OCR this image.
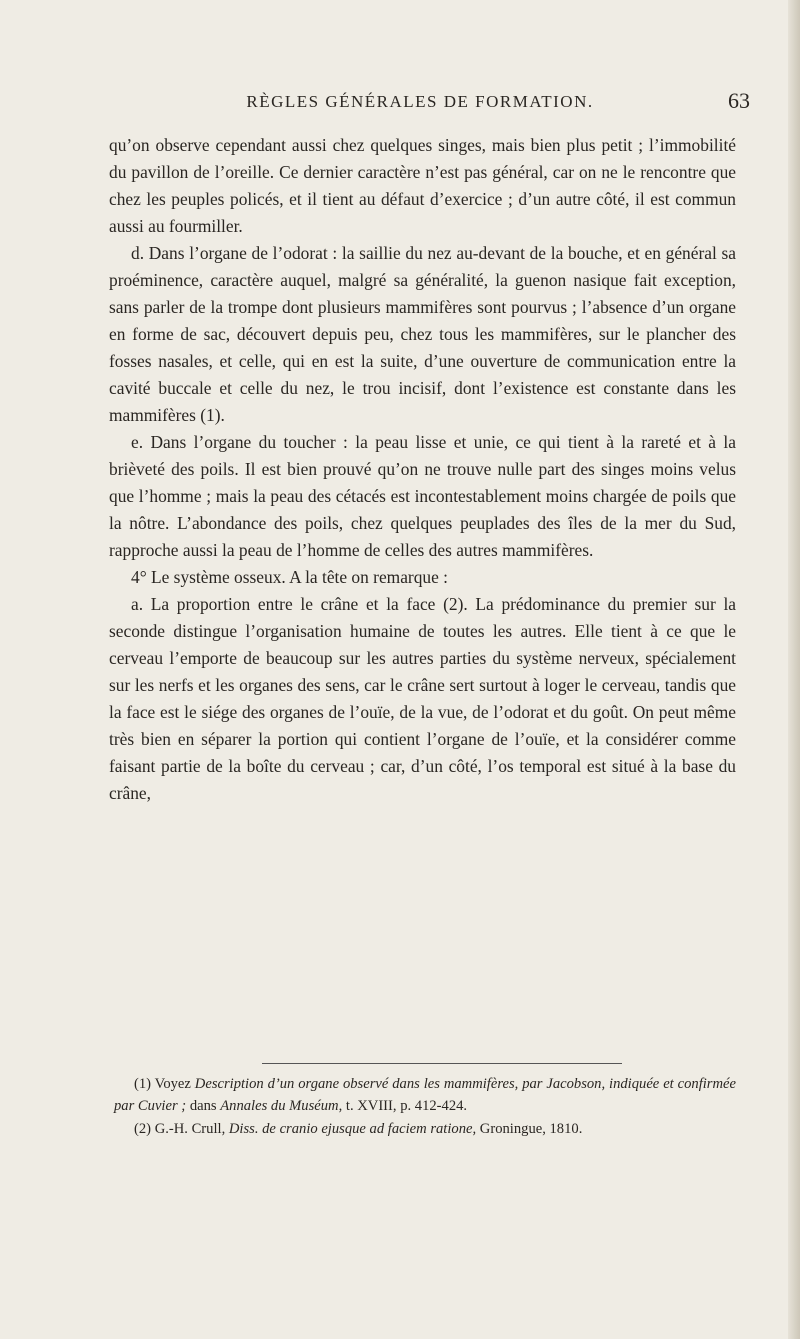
RÈGLES GÉNÉRALES DE FORMATION.	63

qu’on observe cependant aussi chez quelques singes, mais bien plus petit ; l’immobilité du pavillon de l’oreille. Ce dernier caractère n’est pas général, car on ne le rencontre que chez les peuples policés, et il tient au défaut d’exercice ; d’un autre côté, il est commun aussi au fourmiller.

d. Dans l’organe de l’odorat : la saillie du nez au-devant de la bouche, et en général sa proéminence, caractère auquel, malgré sa généralité, la guenon nasique fait exception, sans parler de la trompe dont plusieurs mammifères sont pourvus ; l’absence d’un organe en forme de sac, découvert depuis peu, chez tous les mammifères, sur le plancher des fosses nasales, et celle, qui en est la suite, d’une ouverture de communication entre la cavité buccale et celle du nez, le trou incisif, dont l’existence est constante dans les mammifères (1).

e. Dans l’organe du toucher : la peau lisse et unie, ce qui tient à la rareté et à la brièveté des poils. Il est bien prouvé qu’on ne trouve nulle part des singes moins velus que l’homme ; mais la peau des cétacés est incontestablement moins chargée de poils que la nôtre. L’abondance des poils, chez quelques peuplades des îles de la mer du Sud, rapproche aussi la peau de l’homme de celles des autres mammifères.

4° Le système osseux. A la tête on remarque :

a. La proportion entre le crâne et la face (2). La prédominance du premier sur la seconde distingue l’organisation humaine de toutes les autres. Elle tient à ce que le cerveau l’emporte de beaucoup sur les autres parties du système nerveux, spécialement sur les nerfs et les organes des sens, car le crâne sert surtout à loger le cerveau, tandis que la face est le siége des organes de l’ouïe, de la vue, de l’odorat et du goût. On peut même très bien en séparer la portion qui contient l’organe de l’ouïe, et la considérer comme faisant partie de la boîte du cerveau ; car, d’un côté, l’os temporal est situé à la base du crâne,

(1) Voyez Description d’un organe observé dans les mammifères, par Jacobson, indiquée et confirmée par Cuvier ; dans Annales du Muséum, t. XVIII, p. 412-424.

(2) G.-H. Crull, Diss. de cranio ejusque ad faciem ratione, Groningue, 1810.
